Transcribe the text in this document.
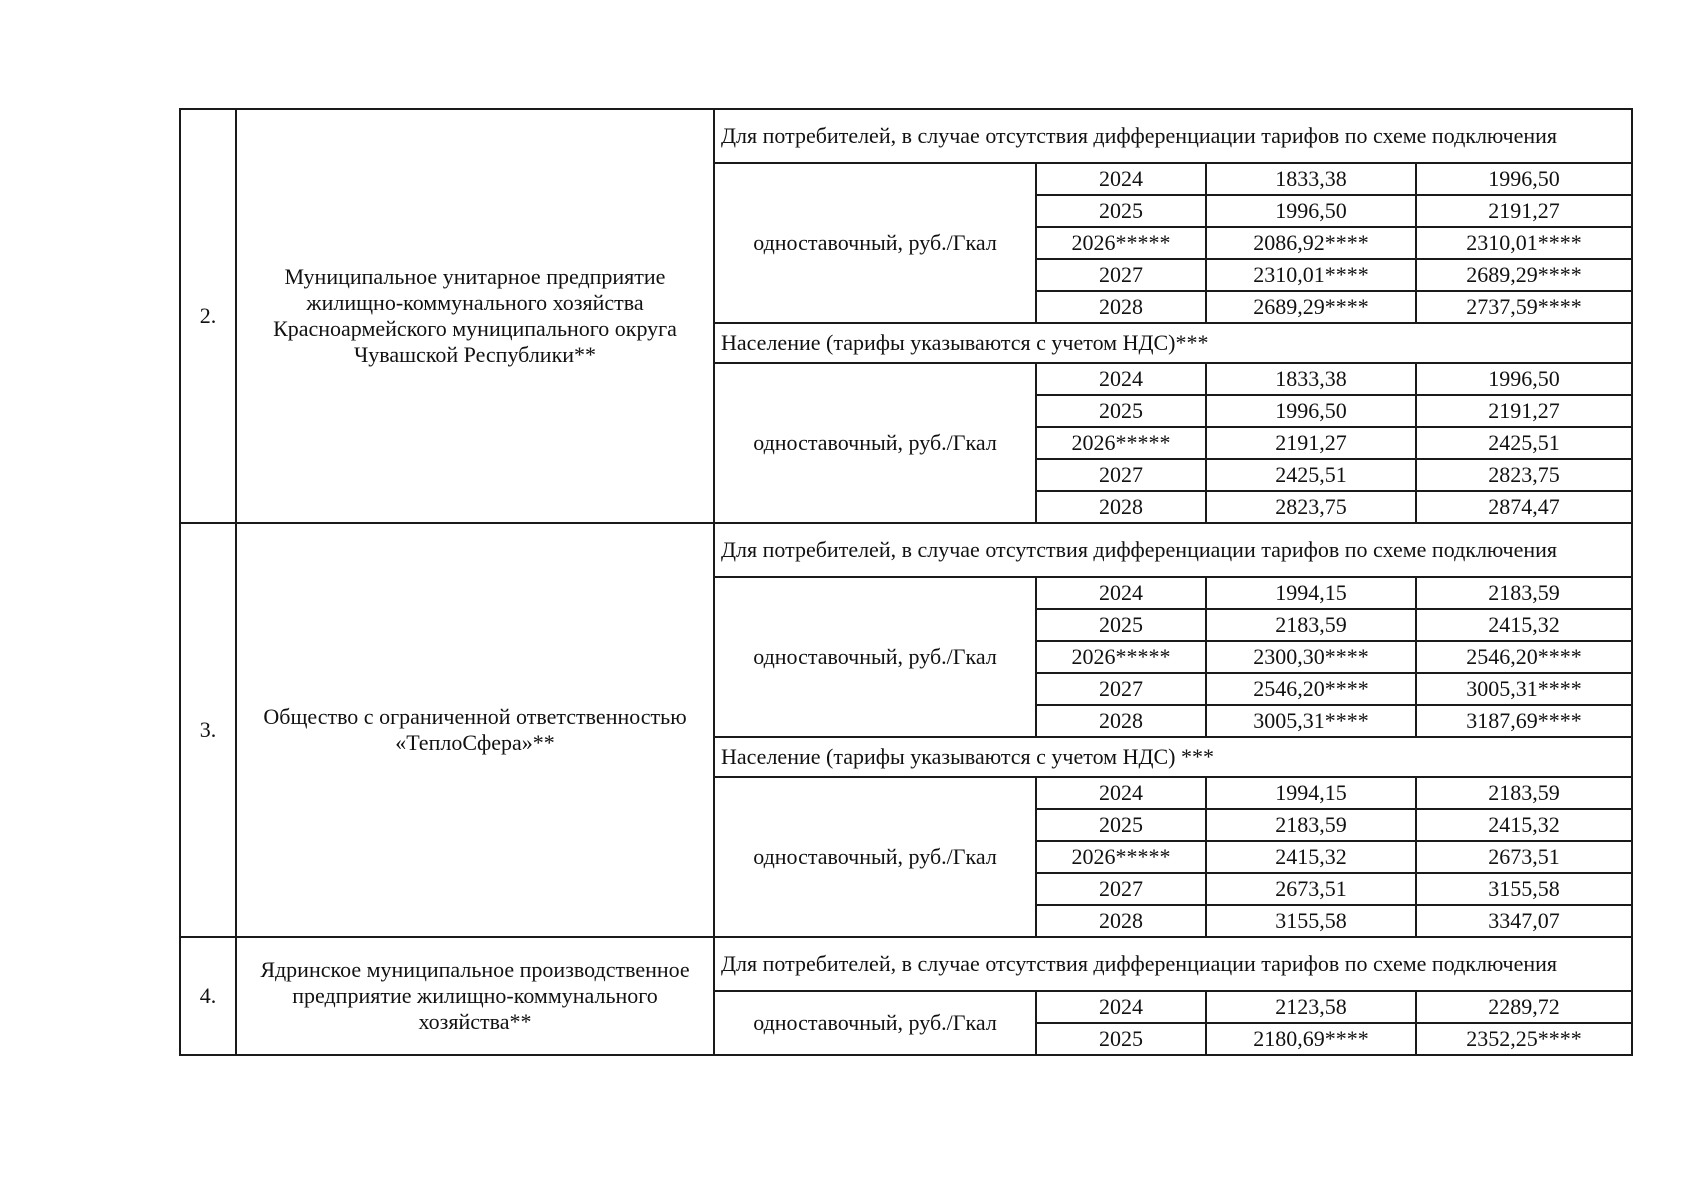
2.	Муниципальное унитарное предприятие жилищно-коммунального хозяйства Красноармейского муниципального округа Чувашской Республики**	Для потребителей, в случае отсутствия дифференциации тарифов по схеме подключения			
		одноставочный, руб./Гкал	2024	1833,38	1996,50
			2025	1996,50	2191,27
			2026*****	2086,92****	2310,01****
			2027	2310,01****	2689,29****
			2028	2689,29****	2737,59****
		Население (тарифы указываются с учетом НДС)***			
		одноставочный, руб./Гкал	2024	1833,38	1996,50
			2025	1996,50	2191,27
			2026*****	2191,27	2425,51
			2027	2425,51	2823,75
			2028	2823,75	2874,47
3.	Общество с ограниченной ответственностью «ТеплоСфера»**	Для потребителей, в случае отсутствия дифференциации тарифов по схеме подключения			
		одноставочный, руб./Гкал	2024	1994,15	2183,59
			2025	2183,59	2415,32
			2026*****	2300,30****	2546,20****
			2027	2546,20****	3005,31****
			2028	3005,31****	3187,69****
		Население (тарифы указываются с учетом НДС) ***			
		одноставочный, руб./Гкал	2024	1994,15	2183,59
			2025	2183,59	2415,32
			2026*****	2415,32	2673,51
			2027	2673,51	3155,58
			2028	3155,58	3347,07
4.	Ядринское муниципальное производственное предприятие жилищно-коммунального хозяйства**	Для потребителей, в случае отсутствия дифференциации тарифов по схеме подключения			
		одноставочный, руб./Гкал	2024	2123,58	2289,72
			2025	2180,69****	2352,25****
